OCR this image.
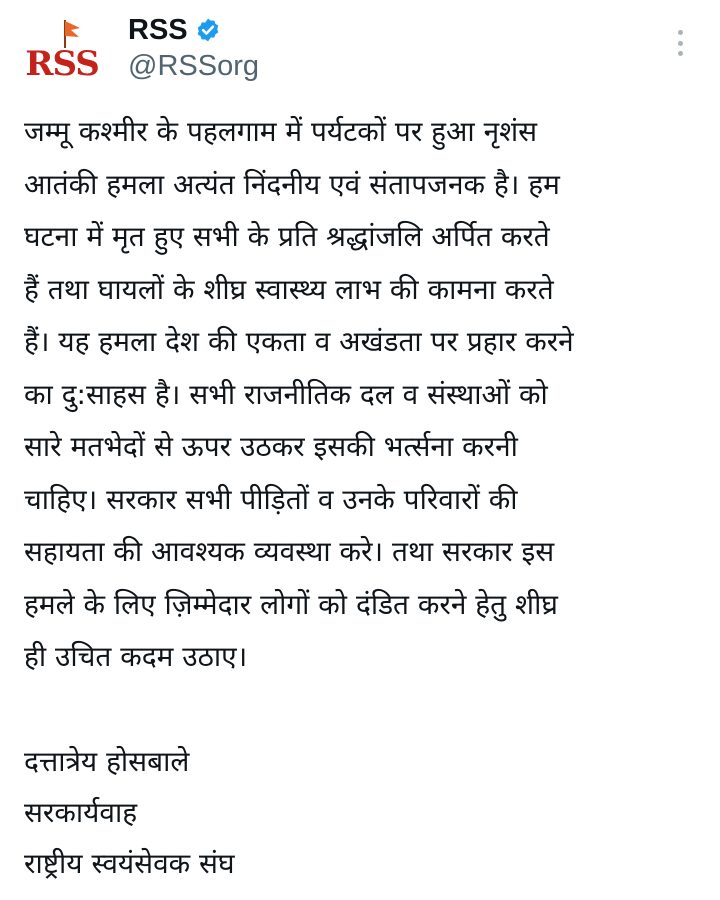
RSS
RSS
@RSSorg
जम्मू कश्मीर के पहलगाम में पर्यटकों पर हुआ नृशंस
आतंकी हमला अत्यंत निंदनीय एवं संतापजनक है। हम
घटना में मृत हुए सभी के प्रति श्रद्धांजलि अर्पित करते
हैं तथा घायलों के शीघ्र स्वास्थ्य लाभ की कामना करते
हैं। यह हमला देश की एकता व अखंडता पर प्रहार करने
का दु:साहस है। सभी राजनीतिक दल व संस्थाओं को
सारे मतभेदों से ऊपर उठकर इसकी भर्त्सना करनी
चाहिए। सरकार सभी पीड़ितों व उनके परिवारों की
सहायता की आवश्यक व्यवस्था करे। तथा सरकार इस
हमले के लिए ज़िम्मेदार लोगों को दंडित करने हेतु शीघ्र
ही उचित कदम उठाए।
दत्तात्रेय होसबाले
सरकार्यवाह
राष्ट्रीय स्वयंसेवक संघ
